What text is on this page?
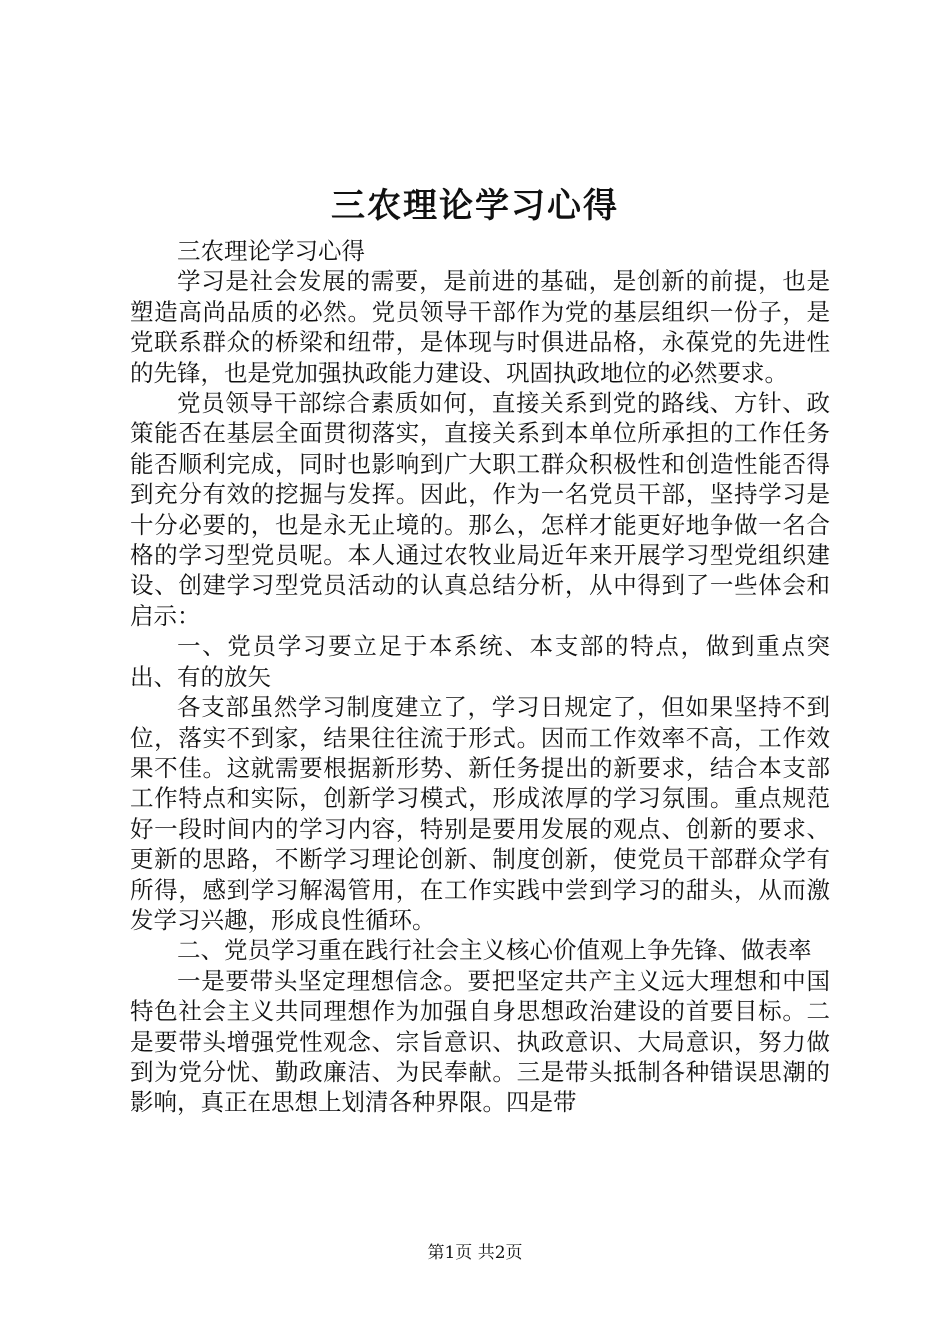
三农理论学习心得

三农理论学习心得

学习是社会发展的需要，是前进的基础，是创新的前提，也是塑造高尚品质的必然。党员领导干部作为党的基层组织一份子，是党联系群众的桥梁和纽带，是体现与时俱进品格，永葆党的先进性的先锋，也是党加强执政能力建设、巩固执政地位的必然要求。

党员领导干部综合素质如何，直接关系到党的路线、方针、政策能否在基层全面贯彻落实，直接关系到本单位所承担的工作任务能否顺利完成，同时也影响到广大职工群众积极性和创造性能否得到充分有效的挖掘与发挥。因此，作为一名党员干部，坚持学习是十分必要的，也是永无止境的。那么，怎样才能更好地争做一名合格的学习型党员呢。本人通过农牧业局近年来开展学习型党组织建设、创建学习型党员活动的认真总结分析，从中得到了一些体会和启示：

一、党员学习要立足于本系统、本支部的特点，做到重点突出、有的放矢

各支部虽然学习制度建立了，学习日规定了，但如果坚持不到位，落实不到家，结果往往流于形式。因而工作效率不高，工作效果不佳。这就需要根据新形势、新任务提出的新要求，结合本支部工作特点和实际，创新学习模式，形成浓厚的学习氛围。重点规范好一段时间内的学习内容，特别是要用发展的观点、创新的要求、更新的思路，不断学习理论创新、制度创新，使党员干部群众学有所得，感到学习解渴管用，在工作实践中尝到学习的甜头，从而激发学习兴趣，形成良性循环。

二、党员学习重在践行社会主义核心价值观上争先锋、做表率

一是要带头坚定理想信念。要把坚定共产主义远大理想和中国特色社会主义共同理想作为加强自身思想政治建设的首要目标。二是要带头增强党性观念、宗旨意识、执政意识、大局意识，努力做到为党分忧、勤政廉洁、为民奉献。三是带头抵制各种错误思潮的影响，真正在思想上划清各种界限。四是带

第1页 共2页
